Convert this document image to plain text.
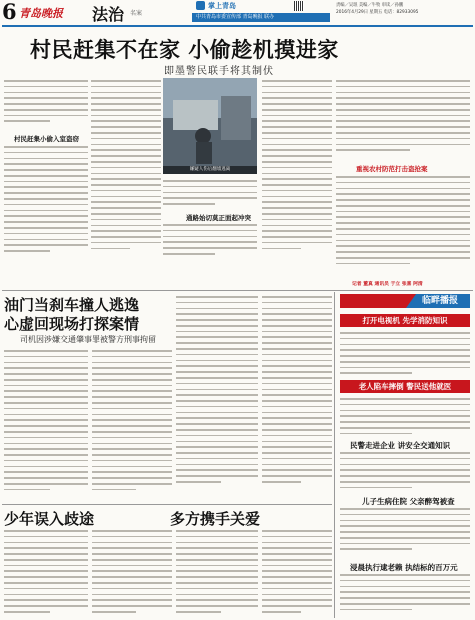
6 青岛晚报 法治 名案
掌上青岛	责编／吴珉 美编／牛牧 审读／孙鹏
2016年4月29日 星期五 电话：82933095
中共青岛市委宣传部 青岛晚报 联办
村民赶集不在家 小偷趁机摸进家
即墨警民联手将其制伏
村民赶集小偷入室盗窃
嫌疑人伤后翻墙逃离
通路始切莫正面起冲突
重视农村防范打击盗抢案
记者 董真 通讯员 于立 张喜 阿清
油门当刹车撞人逃逸
心虚回现场打探案情
司机因涉嫌交通肇事罪被警方刑事拘留
少年误入歧途	多方携手关爱
临畔播报
打开电视机 先学消防知识
老人陷车摔倒 警民送他就医
民警走进企业 讲安全交通知识
儿子生病住院 父亲醉驾被查
浸晨执行逮老赖 执结标的百万元
